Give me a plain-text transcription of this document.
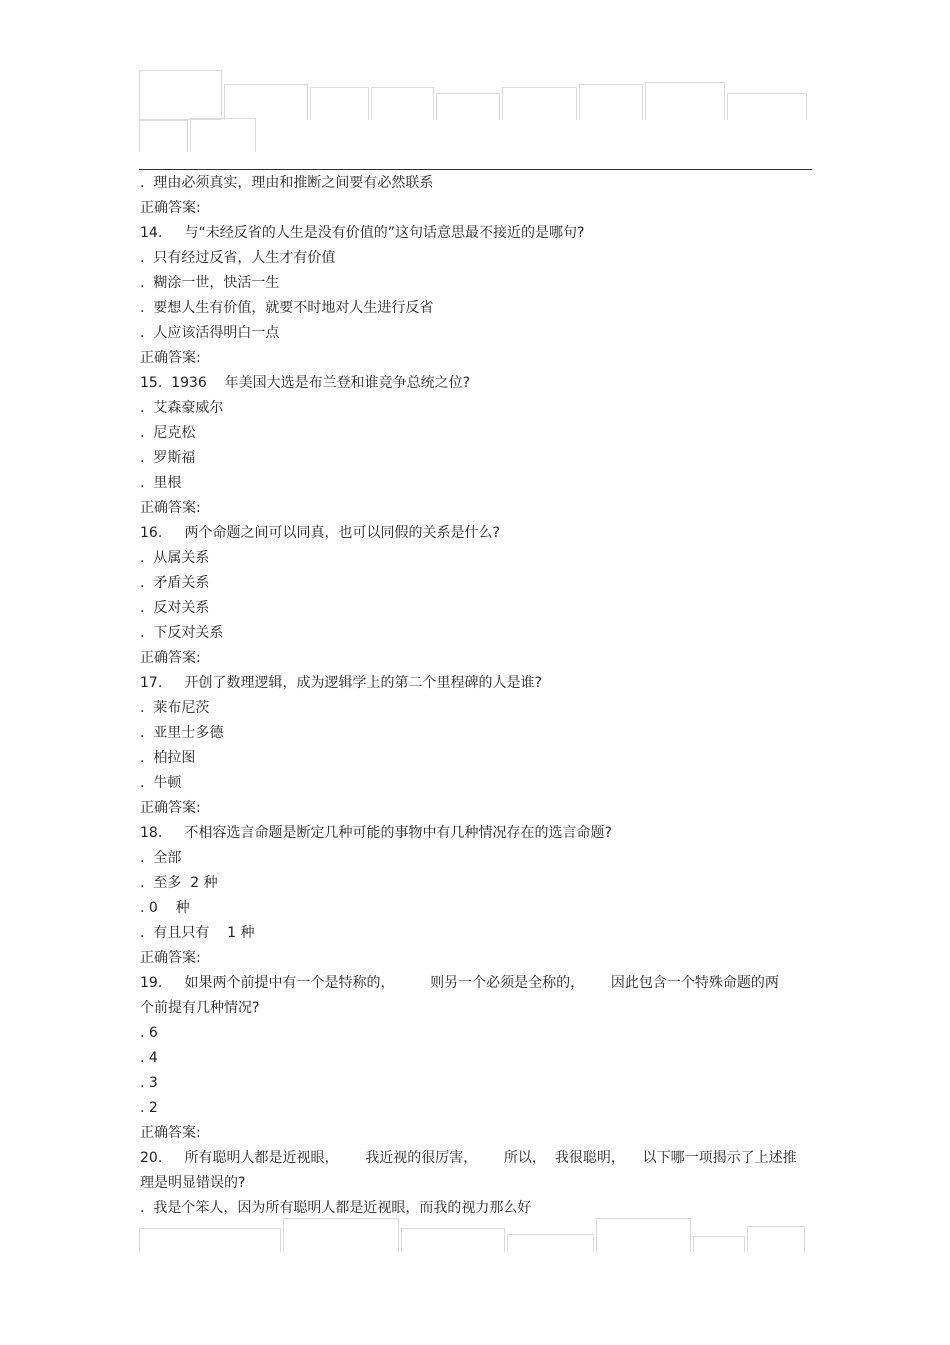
.  理由必须真实，理由和推断之间要有必然联系
正确答案:
14.     与“未经反省的人生是没有价值的”这句话意思最不接近的是哪句?
.  只有经过反省，人生才有价值
.  糊涂一世，快活一生
.  要想人生有价值，就要不时地对人生进行反省
.  人应该活得明白一点
正确答案:
15.  1936    年美国大选是布兰登和谁竞争总统之位?
.  艾森豪威尔
.  尼克松
.  罗斯福
.  里根
正确答案:
16.     两个命题之间可以同真，也可以同假的关系是什么?
.  从属关系
.  矛盾关系
.  反对关系
.  下反对关系
正确答案:
17.     开创了数理逻辑，成为逻辑学上的第二个里程碑的人是谁?
.  莱布尼茨
.  亚里士多德
.  柏拉图
.  牛顿
正确答案:
18.     不相容选言命题是断定几种可能的事物中有几种情况存在的选言命题?
.  全部
.  至多  2 种
. 0    种
.  有且只有    1 种
正确答案:
19.     如果两个前提中有一个是特称的，        则另一个必须是全称的，      因此包含一个特殊命题的两
个前提有几种情况?
. 6
. 4
. 3
. 2
正确答案:
20.     所有聪明人都是近视眼，      我近视的很厉害，      所以，  我很聪明，    以下哪一项揭示了上述推
理是明显错误的?
.  我是个笨人，因为所有聪明人都是近视眼，而我的视力那么好
